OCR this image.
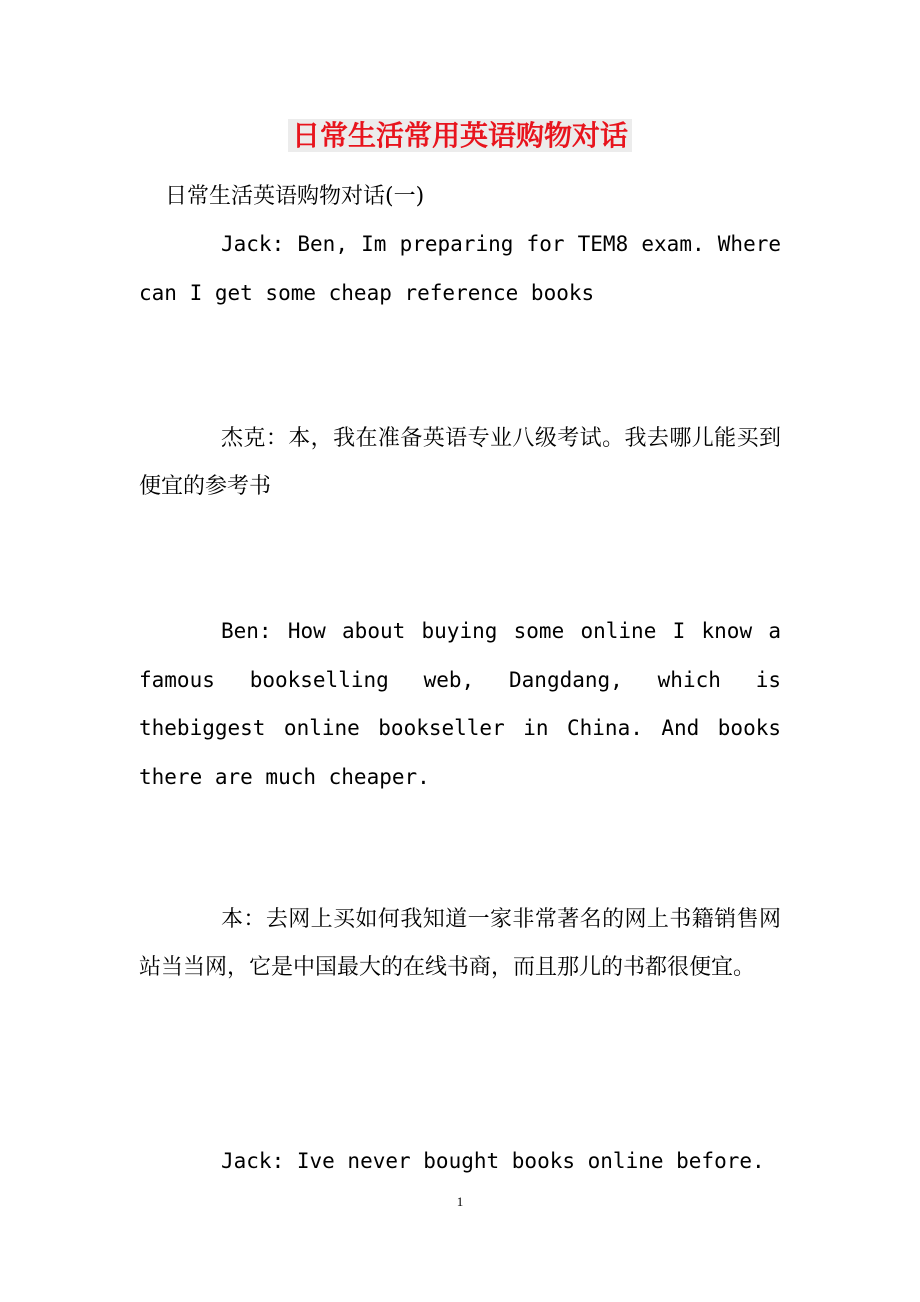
日常生活常用英语购物对话
日常生活英语购物对话(一)

Jack: Ben, Im preparing for TEM8 exam. Where can I get some cheap reference books

杰克：本，我在准备英语专业八级考试。我去哪儿能买到便宜的参考书

Ben: How about buying some online I know a famous bookselling web, Dangdang, which is thebiggest online bookseller in China. And books there are much cheaper.

本：去网上买如何我知道一家非常著名的网上书籍销售网站当当网，它是中国最大的在线书商，而且那儿的书都很便宜。

Jack: Ive never bought books online before.

1
